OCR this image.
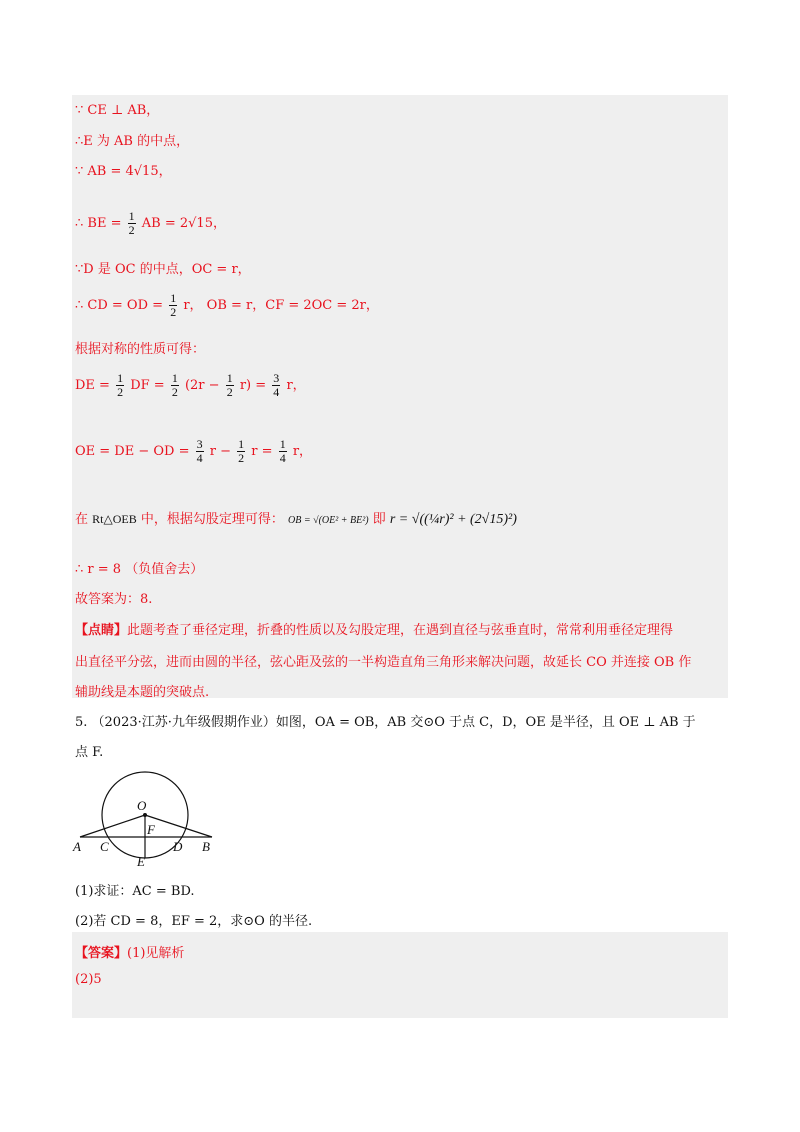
∵ CE ⊥ AB，
∴E 为 AB 的中点，
∵ AB = 4√15，
∴ BE = $\frac{1}{2}$ AB = 2√15，
∵D 是 OC 的中点，OC = r，
∴ CD = OD = $\frac{1}{2}$ r， OB = r，CF = 2OC = 2r，
根据对称的性质可得：
DE = $\frac{1}{2}$ DF = $\frac{1}{2} (2r - \frac{1}{2} r) = \frac{3}{4}$ r，
OE = DE − OD = $\frac{3}{4}$ $r - \frac{1}{2}$ $r = \frac{1}{4}$ r，
在 Rt△OEB 中，根据勾股定理可得： OB = √(OE² + BE²) 即 r = √((¼r)² + (2√15)²)
∴ r = 8 （负值舍去）
故答案为：8.
【点睛】此题考查了垂径定理，折叠的性质以及勾股定理，在遇到直径与弦垂直时，常常利用垂径定理得
出直径平分弦，进而由圆的半径，弦心距及弦的一半构造直角三角形来解决问题，故延长 CO 并连接 OB 作
辅助线是本题的突破点.
5. （2023·江苏·九年级假期作业）如图，OA = OB，AB 交⊙O 于点 C，D，OE 是半径，且 OE ⊥ AB 于
点 F.
O
F
A C
E
D B
(1)求证：AC = BD.
(2)若 CD = 8，EF = 2，求⊙O 的半径.
【答案】(1)见解析
(2)5
